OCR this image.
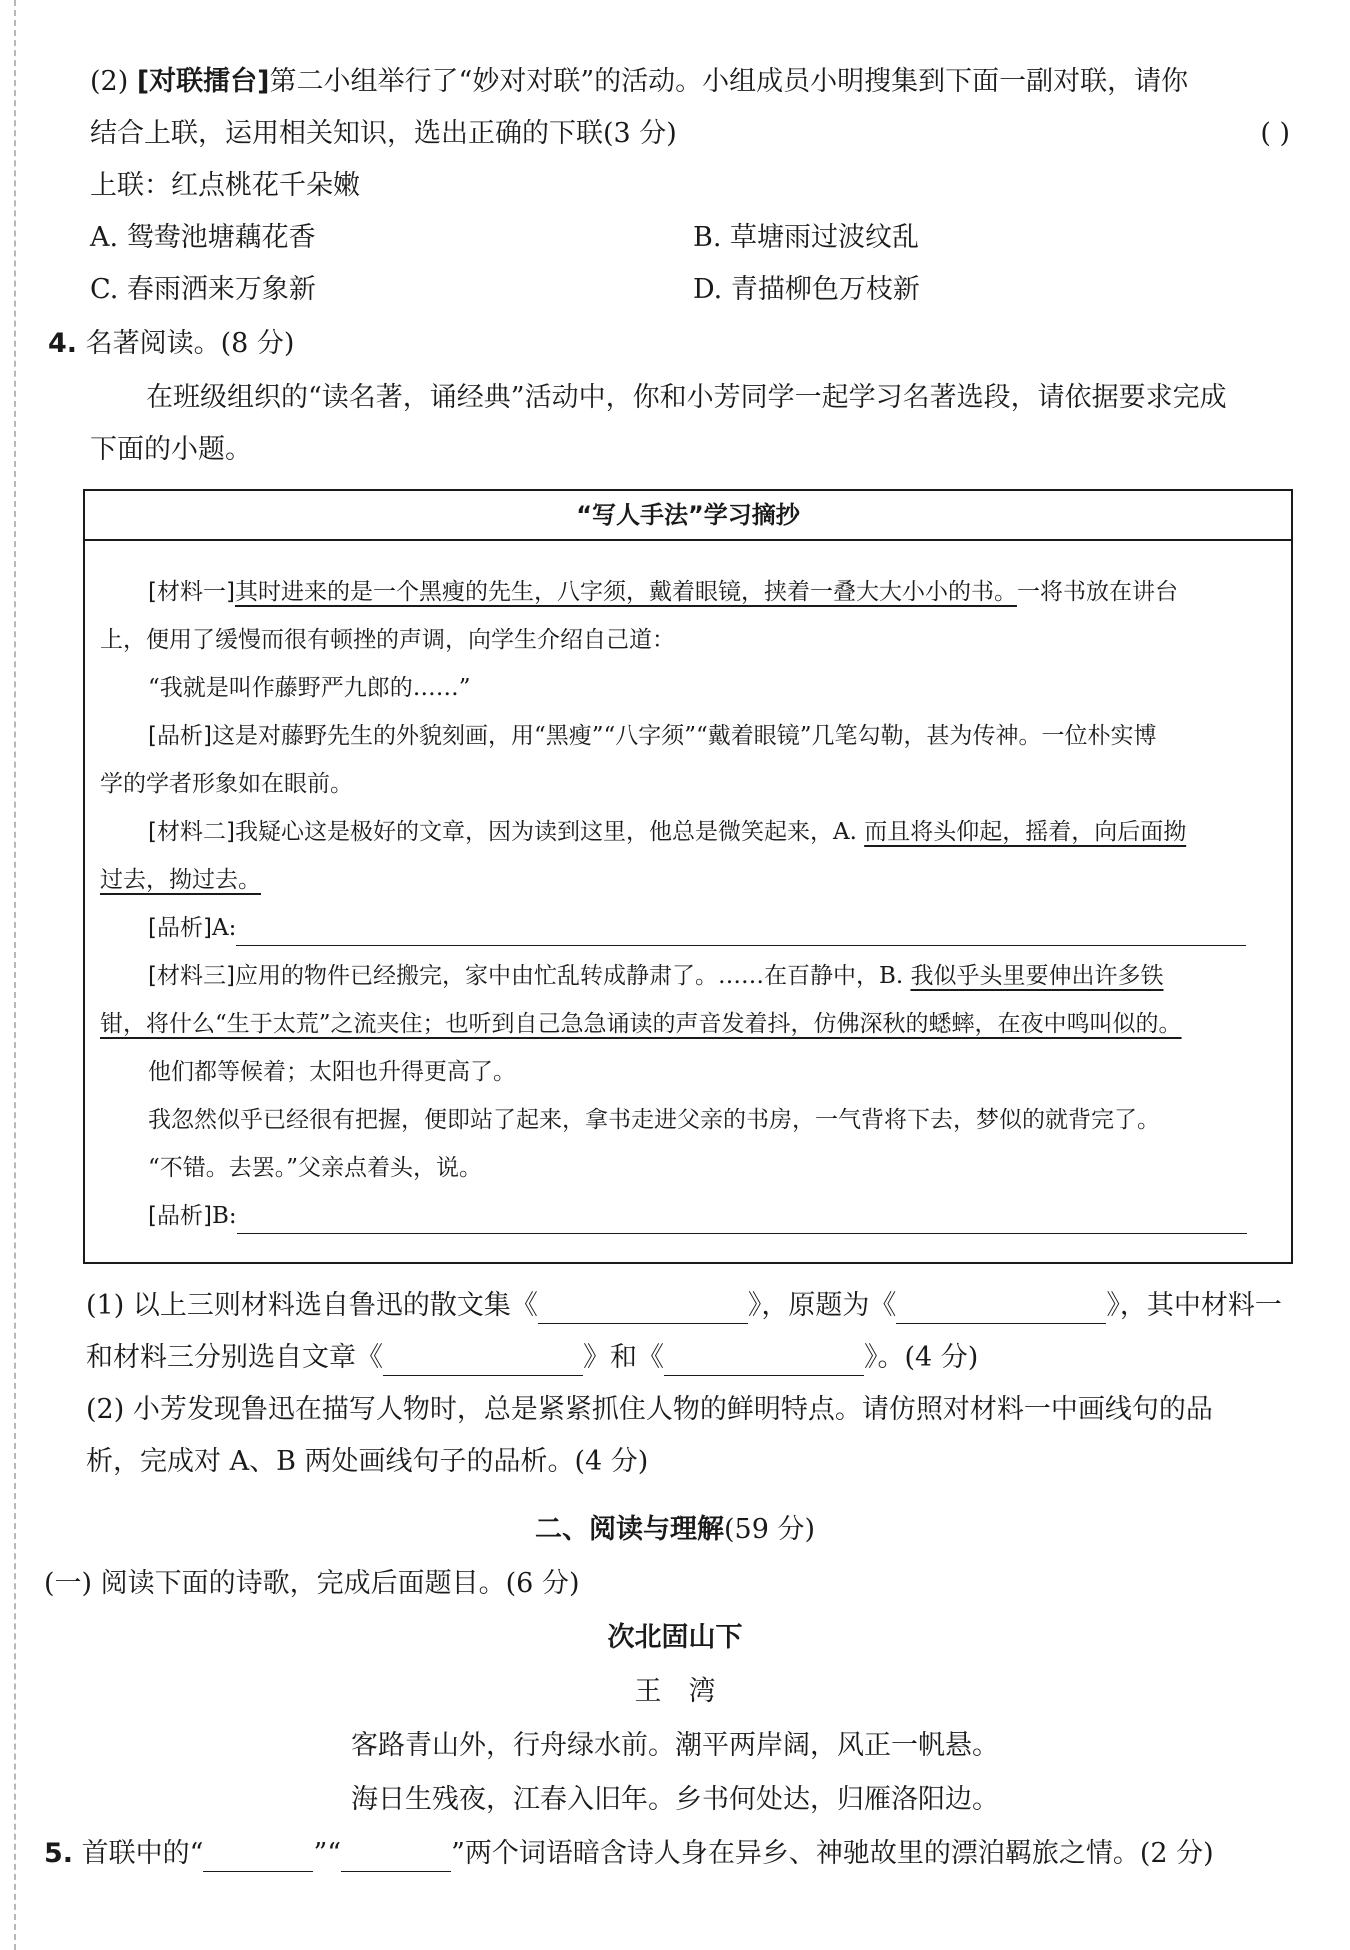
(2) [对联擂台]第二小组举行了“妙对对联”的活动。小组成员小明搜集到下面一副对联，请你
结合上联，运用相关知识，选出正确的下联(3 分)	( )
上联：红点桃花千朵嫩
A. 鸳鸯池塘藕花香	B. 草塘雨过波纹乱
C. 春雨洒来万象新	D. 青描柳色万枝新
4. 名著阅读。(8 分)
在班级组织的“读名著，诵经典”活动中，你和小芳同学一起学习名著选段，请依据要求完成
下面的小题。
“写人手法”学习摘抄
[材料一]其时进来的是一个黑瘦的先生，八字须，戴着眼镜，挟着一叠大大小小的书。一将书放在讲台
上，便用了缓慢而很有顿挫的声调，向学生介绍自己道：
“我就是叫作藤野严九郎的……”
[品析]这是对藤野先生的外貌刻画，用“黑瘦”“八字须”“戴着眼镜”几笔勾勒，甚为传神。一位朴实博
学的学者形象如在眼前。
[材料二]我疑心这是极好的文章，因为读到这里，他总是微笑起来，A. 而且将头仰起，摇着，向后面拗
过去，拗过去。
[品析]A:
[材料三]应用的物件已经搬完，家中由忙乱转成静肃了。……在百静中，B. 我似乎头里要伸出许多铁
钳，将什么“生于太荒”之流夹住；也听到自己急急诵读的声音发着抖，仿佛深秋的蟋蟀，在夜中鸣叫似的。
他们都等候着；太阳也升得更高了。
我忽然似乎已经很有把握，便即站了起来，拿书走进父亲的书房，一气背将下去，梦似的就背完了。
“不错。去罢。”父亲点着头，说。
[品析]B:
(1) 以上三则材料选自鲁迅的散文集《	》，原题为《	》，其中材料一
和材料三分别选自文章《	》和《	》。(4 分)
(2) 小芳发现鲁迅在描写人物时，总是紧紧抓住人物的鲜明特点。请仿照对材料一中画线句的品
析，完成对 A、B 两处画线句子的品析。(4 分)
二、阅读与理解(59 分)
(一) 阅读下面的诗歌，完成后面题目。(6 分)
次北固山下
王　湾
客路青山外，行舟绿水前。潮平两岸阔，风正一帆悬。
海日生残夜，江春入旧年。乡书何处达，归雁洛阳边。
5. 首联中的“	”“	”两个词语暗含诗人身在异乡、神驰故里的漂泊羁旅之情。(2 分)
